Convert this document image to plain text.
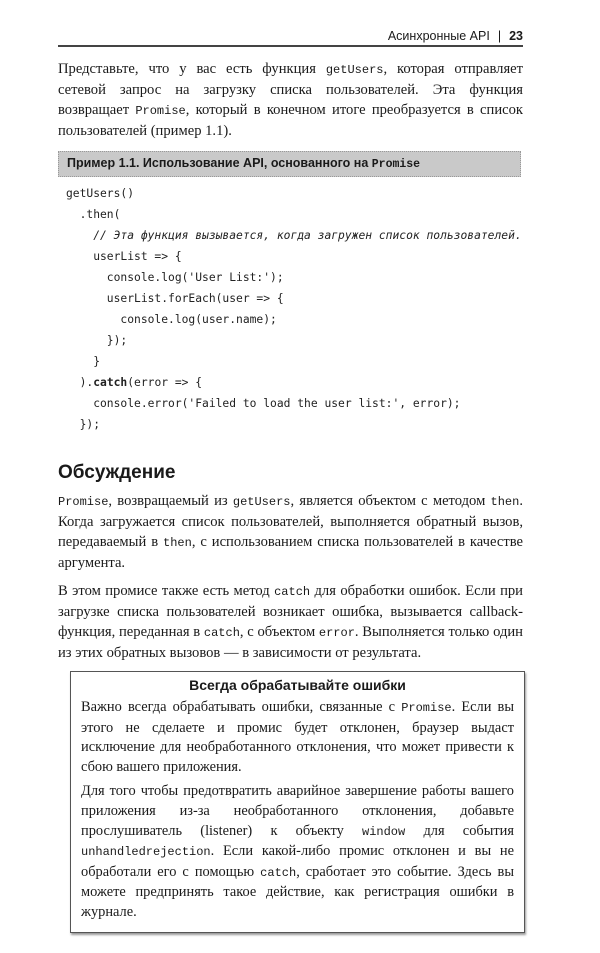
Асинхронные API | 23

Представьте, что у вас есть функция getUsers, которая отправляет сетевой запрос на загрузку списка пользователей. Эта функция возвращает Promise, который в конечном итоге преобразуется в список пользователей (пример 1.1).

Пример 1.1. Использование API, основанного на Promise
getUsers()
.then(
// Эта функция вызывается, когда загружен список пользователей.
userList => {
console.log('User List:');
userList.forEach(user => {
console.log(user.name);
});
}
).catch(error => {
console.error('Failed to load the user list:', error);
});
Обсуждение

Promise, возвращаемый из getUsers, является объектом с методом then. Когда загружается список пользователей, выполняется обратный вызов, передаваемый в then, с использованием списка пользователей в качестве аргумента.

В этом промисе также есть метод catch для обработки ошибок. Если при загрузке списка пользователей возникает ошибка, вызывается callback-функция, переданная в catch, с объектом error. Выполняется только один из этих обратных вызовов — в зависимости от результата.

Всегда обрабатывайте ошибки

Важно всегда обрабатывать ошибки, связанные с Promise. Если вы этого не сделаете и промис будет отклонен, браузер выдаст исключение для необработанного отклонения, что может привести к сбою вашего приложения.

Для того чтобы предотвратить аварийное завершение работы вашего приложения из-за необработанного отклонения, добавьте прослушиватель (listener) к объекту window для события unhandledrejection. Если какой-либо промис отклонен и вы не обработали его с помощью catch, сработает это событие. Здесь вы можете предпринять такое действие, как регистрация ошибки в журнале.
